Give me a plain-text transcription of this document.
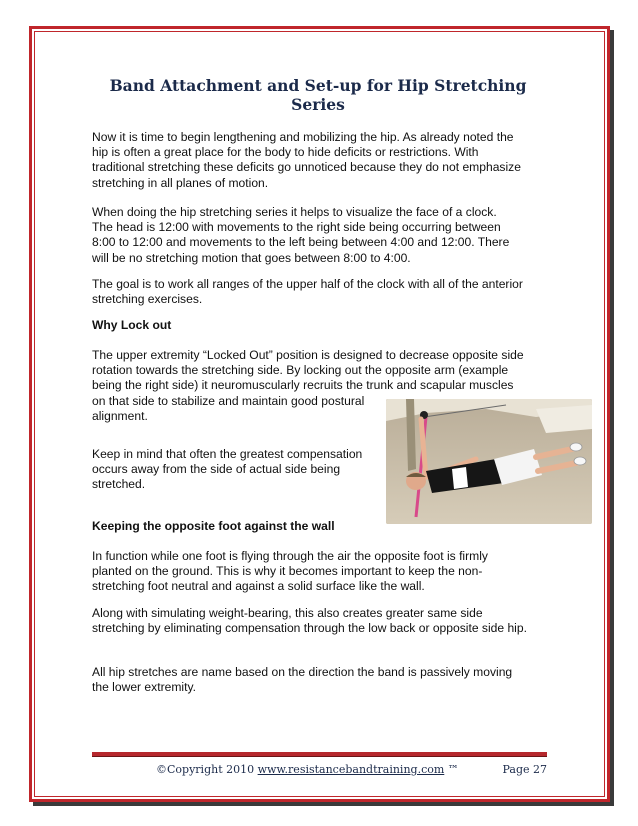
Band Attachment and Set-up for Hip Stretching
Series

Now it is time to begin lengthening and mobilizing the hip. As already noted the
hip is often a great place for the body to hide deficits or restrictions. With
traditional stretching these deficits go unnoticed because they do not emphasize
stretching in all planes of motion.

When doing the hip stretching series it helps to visualize the face of a clock.
The head is 12:00 with movements to the right side being occurring between
8:00 to 12:00 and movements to the left being between 4:00 and 12:00. There
will be no stretching motion that goes between 8:00 to 4:00.

The goal is to work all ranges of the upper half of the clock with all of the anterior
stretching exercises.

Why Lock out

The upper extremity “Locked Out” position is designed to decrease opposite side
rotation towards the stretching side. By locking out the opposite arm (example
being the right side) it neuromuscularly recruits the trunk and scapular muscles
on that side to stabilize and maintain good postural
alignment.

Keep in mind that often the greatest compensation
occurs away from the side of actual side being
stretched.

Keeping the opposite foot against the wall

In function while one foot is flying through the air the opposite foot is firmly
planted on the ground. This is why it becomes important to keep the non-
stretching foot neutral and against a solid surface like the wall.

Along with simulating weight-bearing, this also creates greater same side
stretching by eliminating compensation through the low back or opposite side hip.

All hip stretches are name based on the direction the band is passively moving
the lower extremity.

©Copyright 2010 www.resistancebandtraining.com ™	Page 27
